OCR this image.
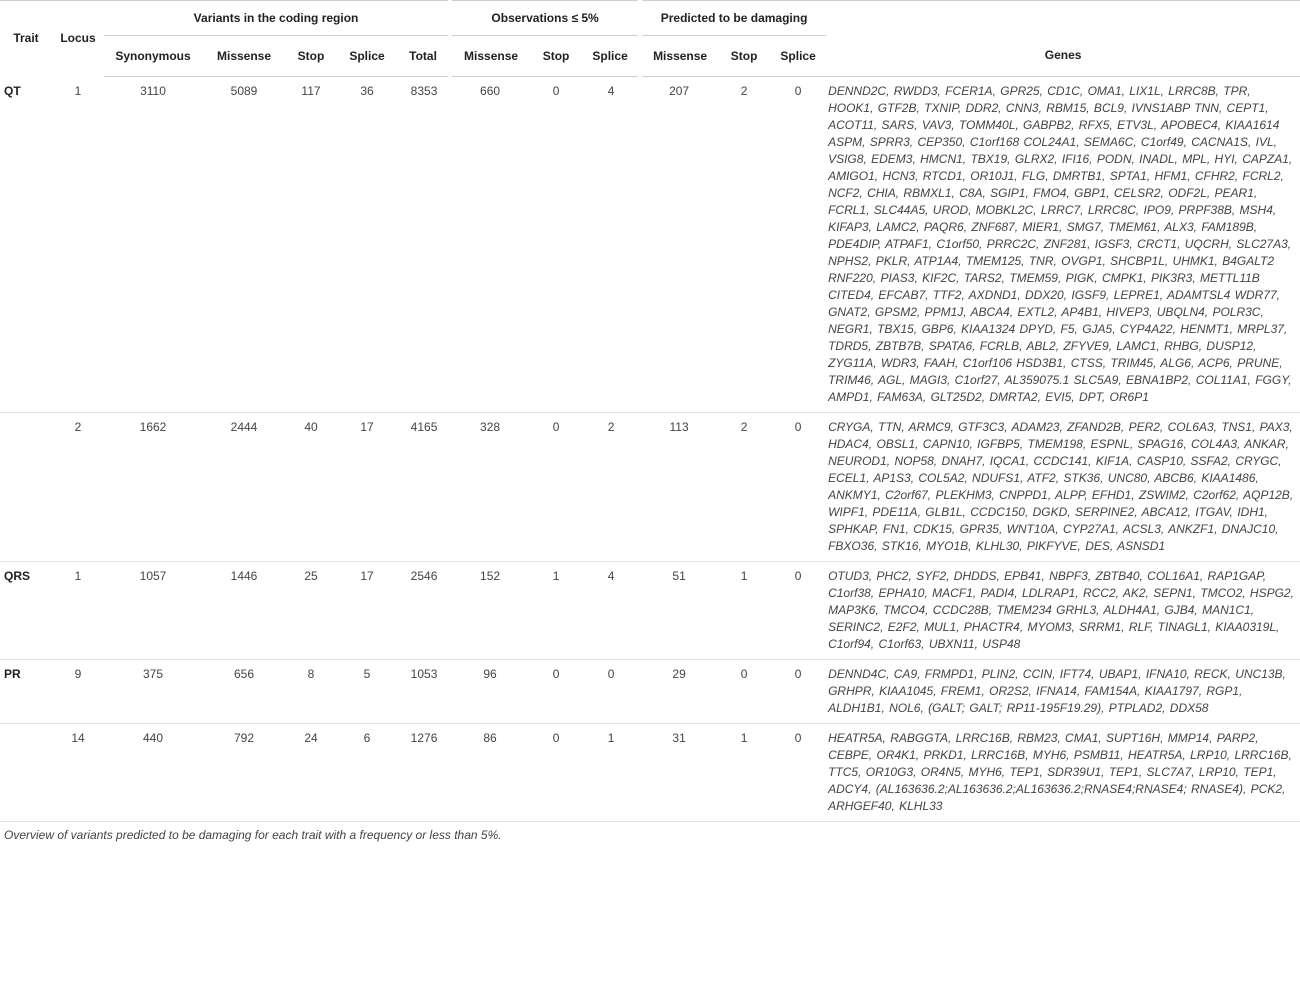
Trait	Locus	Variants in the coding region					Observations ≤ 5%			Predicted to be damaging			
		Synonymous	Missense	Stop	Splice	Total	Missense	Stop	Splice	Missense	Stop	Splice	Genes
QT	1	3110	5089	117	36	8353	660	0	4	207	2	0	DENND2C, RWDD3, FCER1A, GPR25, CD1C, OMA1, LIX1L, LRRC8B, TPR, HOOK1, GTF2B, TXNIP, DDR2, CNN3, RBM15, BCL9, IVNS1ABP TNN, CEPT1, ACOT11, SARS, VAV3, TOMM40L, GABPB2, RFX5, ETV3L, APOBEC4, KIAA1614 ASPM, SPRR3, CEP350, C1orf168 COL24A1, SEMA6C, C1orf49, CACNA1S, IVL, VSIG8, EDEM3, HMCN1, TBX19, GLRX2, IFI16, PODN, INADL, MPL, HYI, CAPZA1, AMIGO1, HCN3, RTCD1, OR10J1, FLG, DMRTB1, SPTA1, HFM1, CFHR2, FCRL2, NCF2, CHIA, RBMXL1, C8A, SGIP1, FMO4, GBP1, CELSR2, ODF2L, PEAR1, FCRL1, SLC44A5, UROD, MOBKL2C, LRRC7, LRRC8C, IPO9, PRPF38B, MSH4, KIFAP3, LAMC2, PAQR6, ZNF687, MIER1, SMG7, TMEM61, ALX3, FAM189B, PDE4DIP, ATPAF1, C1orf50, PRRC2C, ZNF281, IGSF3, CRCT1, UQCRH, SLC27A3, NPHS2, PKLR, ATP1A4, TMEM125, TNR, OVGP1, SHCBP1L, UHMK1, B4GALT2 RNF220, PIAS3, KIF2C, TARS2, TMEM59, PIGK, CMPK1, PIK3R3, METTL11B CITED4, EFCAB7, TTF2, AXDND1, DDX20, IGSF9, LEPRE1, ADAMTSL4 WDR77, GNAT2, GPSM2, PPM1J, ABCA4, EXTL2, AP4B1, HIVEP3, UBQLN4, POLR3C, NEGR1, TBX15, GBP6, KIAA1324 DPYD, F5, GJA5, CYP4A22, HENMT1, MRPL37, TDRD5, ZBTB7B, SPATA6, FCRLB, ABL2, ZFYVE9, LAMC1, RHBG, DUSP12, ZYG11A, WDR3, FAAH, C1orf106 HSD3B1, CTSS, TRIM45, ALG6, ACP6, PRUNE, TRIM46, AGL, MAGI3, C1orf27, AL359075.1 SLC5A9, EBNA1BP2, COL11A1, FGGY, AMPD1, FAM63A, GLT25D2, DMRTA2, EVI5, DPT, OR6P1
	2	1662	2444	40	17	4165	328	0	2	113	2	0	CRYGA, TTN, ARMC9, GTF3C3, ADAM23, ZFAND2B, PER2, COL6A3, TNS1, PAX3, HDAC4, OBSL1, CAPN10, IGFBP5, TMEM198, ESPNL, SPAG16, COL4A3, ANKAR, NEUROD1, NOP58, DNAH7, IQCA1, CCDC141, KIF1A, CASP10, SSFA2, CRYGC, ECEL1, AP1S3, COL5A2, NDUFS1, ATF2, STK36, UNC80, ABCB6, KIAA1486, ANKMY1, C2orf67, PLEKHM3, CNPPD1, ALPP, EFHD1, ZSWIM2, C2orf62, AQP12B, WIPF1, PDE11A, GLB1L, CCDC150, DGKD, SERPINE2, ABCA12, ITGAV, IDH1, SPHKAP, FN1, CDK15, GPR35, WNT10A, CYP27A1, ACSL3, ANKZF1, DNAJC10, FBXO36, STK16, MYO1B, KLHL30, PIKFYVE, DES, ASNSD1
QRS	1	1057	1446	25	17	2546	152	1	4	51	1	0	OTUD3, PHC2, SYF2, DHDDS, EPB41, NBPF3, ZBTB40, COL16A1, RAP1GAP, C1orf38, EPHA10, MACF1, PADI4, LDLRAP1, RCC2, AK2, SEPN1, TMCO2, HSPG2, MAP3K6, TMCO4, CCDC28B, TMEM234 GRHL3, ALDH4A1, GJB4, MAN1C1, SERINC2, E2F2, MUL1, PHACTR4, MYOM3, SRRM1, RLF, TINAGL1, KIAA0319L, C1orf94, C1orf63, UBXN11, USP48
PR	9	375	656	8	5	1053	96	0	0	29	0	0	DENND4C, CA9, FRMPD1, PLIN2, CCIN, IFT74, UBAP1, IFNA10, RECK, UNC13B, GRHPR, KIAA1045, FREM1, OR2S2, IFNA14, FAM154A, KIAA1797, RGP1, ALDH1B1, NOL6, (GALT; GALT; RP11-195F19.29), PTPLAD2, DDX58
	14	440	792	24	6	1276	86	0	1	31	1	0	HEATR5A, RABGGTA, LRRC16B, RBM23, CMA1, SUPT16H, MMP14, PARP2, CEBPE, OR4K1, PRKD1, LRRC16B, MYH6, PSMB11, HEATR5A, LRP10, LRRC16B, TTC5, OR10G3, OR4N5, MYH6, TEP1, SDR39U1, TEP1, SLC7A7, LRP10, TEP1, ADCY4, (AL163636.2;AL163636.2;AL163636.2;RNASE4;RNASE4; RNASE4), PCK2, ARHGEF40, KLHL33
Overview of variants predicted to be damaging for each trait with a frequency or less than 5%.
